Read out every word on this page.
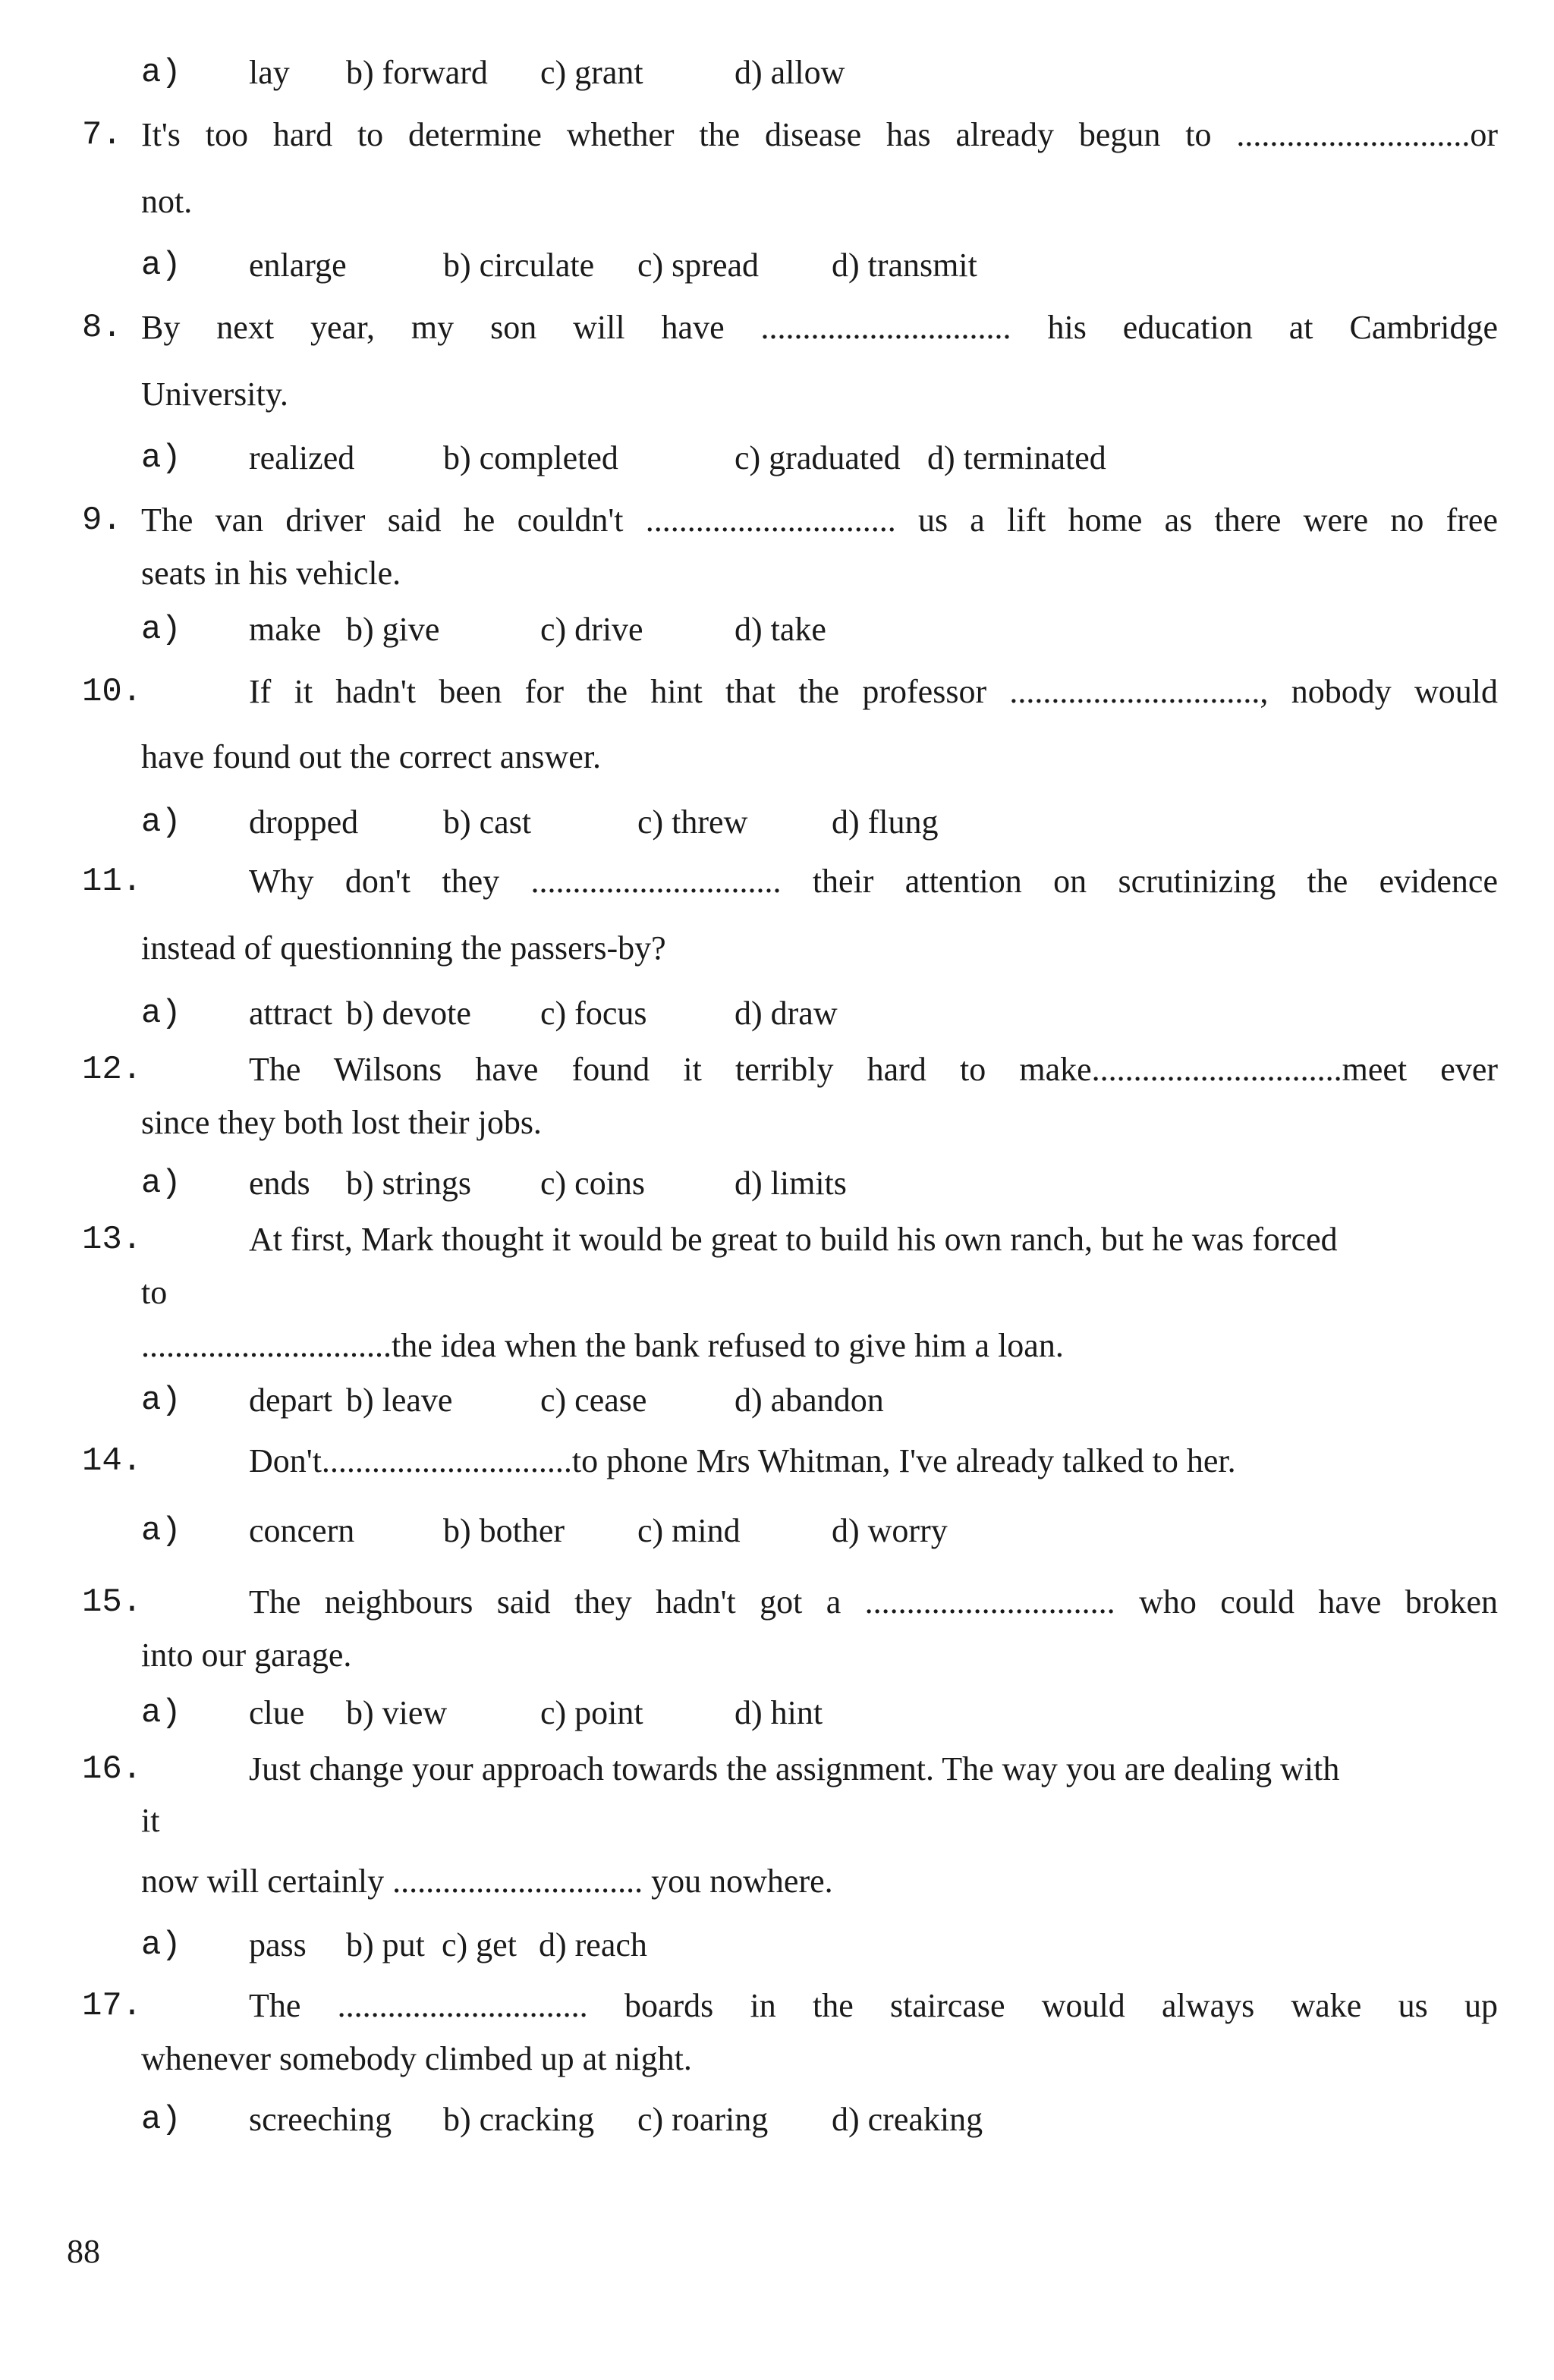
a) lay b) forward c) grant	d) allow
7. It's too hard to determine whether the disease has already begun to ............................or
not.
a) enlarge	b) circulate c) spread d) transmit
8. By next year, my son will have .............................. his education at Cambridge
University.
a) realized	b) completed	c) graduated d) terminated
9. The van driver said he couldn't .............................. us a lift home as there were no free
seats in his vehicle.
a) make b) give	c) drive	d) take
10.	If it hadn't been for the hint that the professor .............................., nobody would
have found out the correct answer.
a) dropped	b) cast	c) threw	d) flung
11.	Why don't they .............................. their attention on scrutinizing the evidence
instead of questionning the passers-by?
a) attract b) devote c) focus	d) draw
12.	The Wilsons have found it terribly hard to make..............................meet ever
since they both lost their jobs.
a) ends b) strings c) coins	d) limits
13.	At first, Mark thought it would be great to build his own ranch, but he was forced
to
..............................the idea when the bank refused to give him a loan.
a) depart b) leave	c) cease	d) abandon
14.	Don't..............................to phone Mrs Whitman, I've already talked to her.
a) concern	b) bother c) mind	d) worry
15.	The neighbours said they hadn't got a .............................. who could have broken
into our garage.
a) clue b) view	c) point	d) hint
16.	Just change your approach towards the assignment. The way you are dealing with
it
now will certainly .............................. you nowhere.
a) pass b) put c) get d) reach
17.	The .............................. boards in the staircase would always wake us up
whenever somebody climbed up at night.
a) screeching b) cracking c) roaring d) creaking
88
